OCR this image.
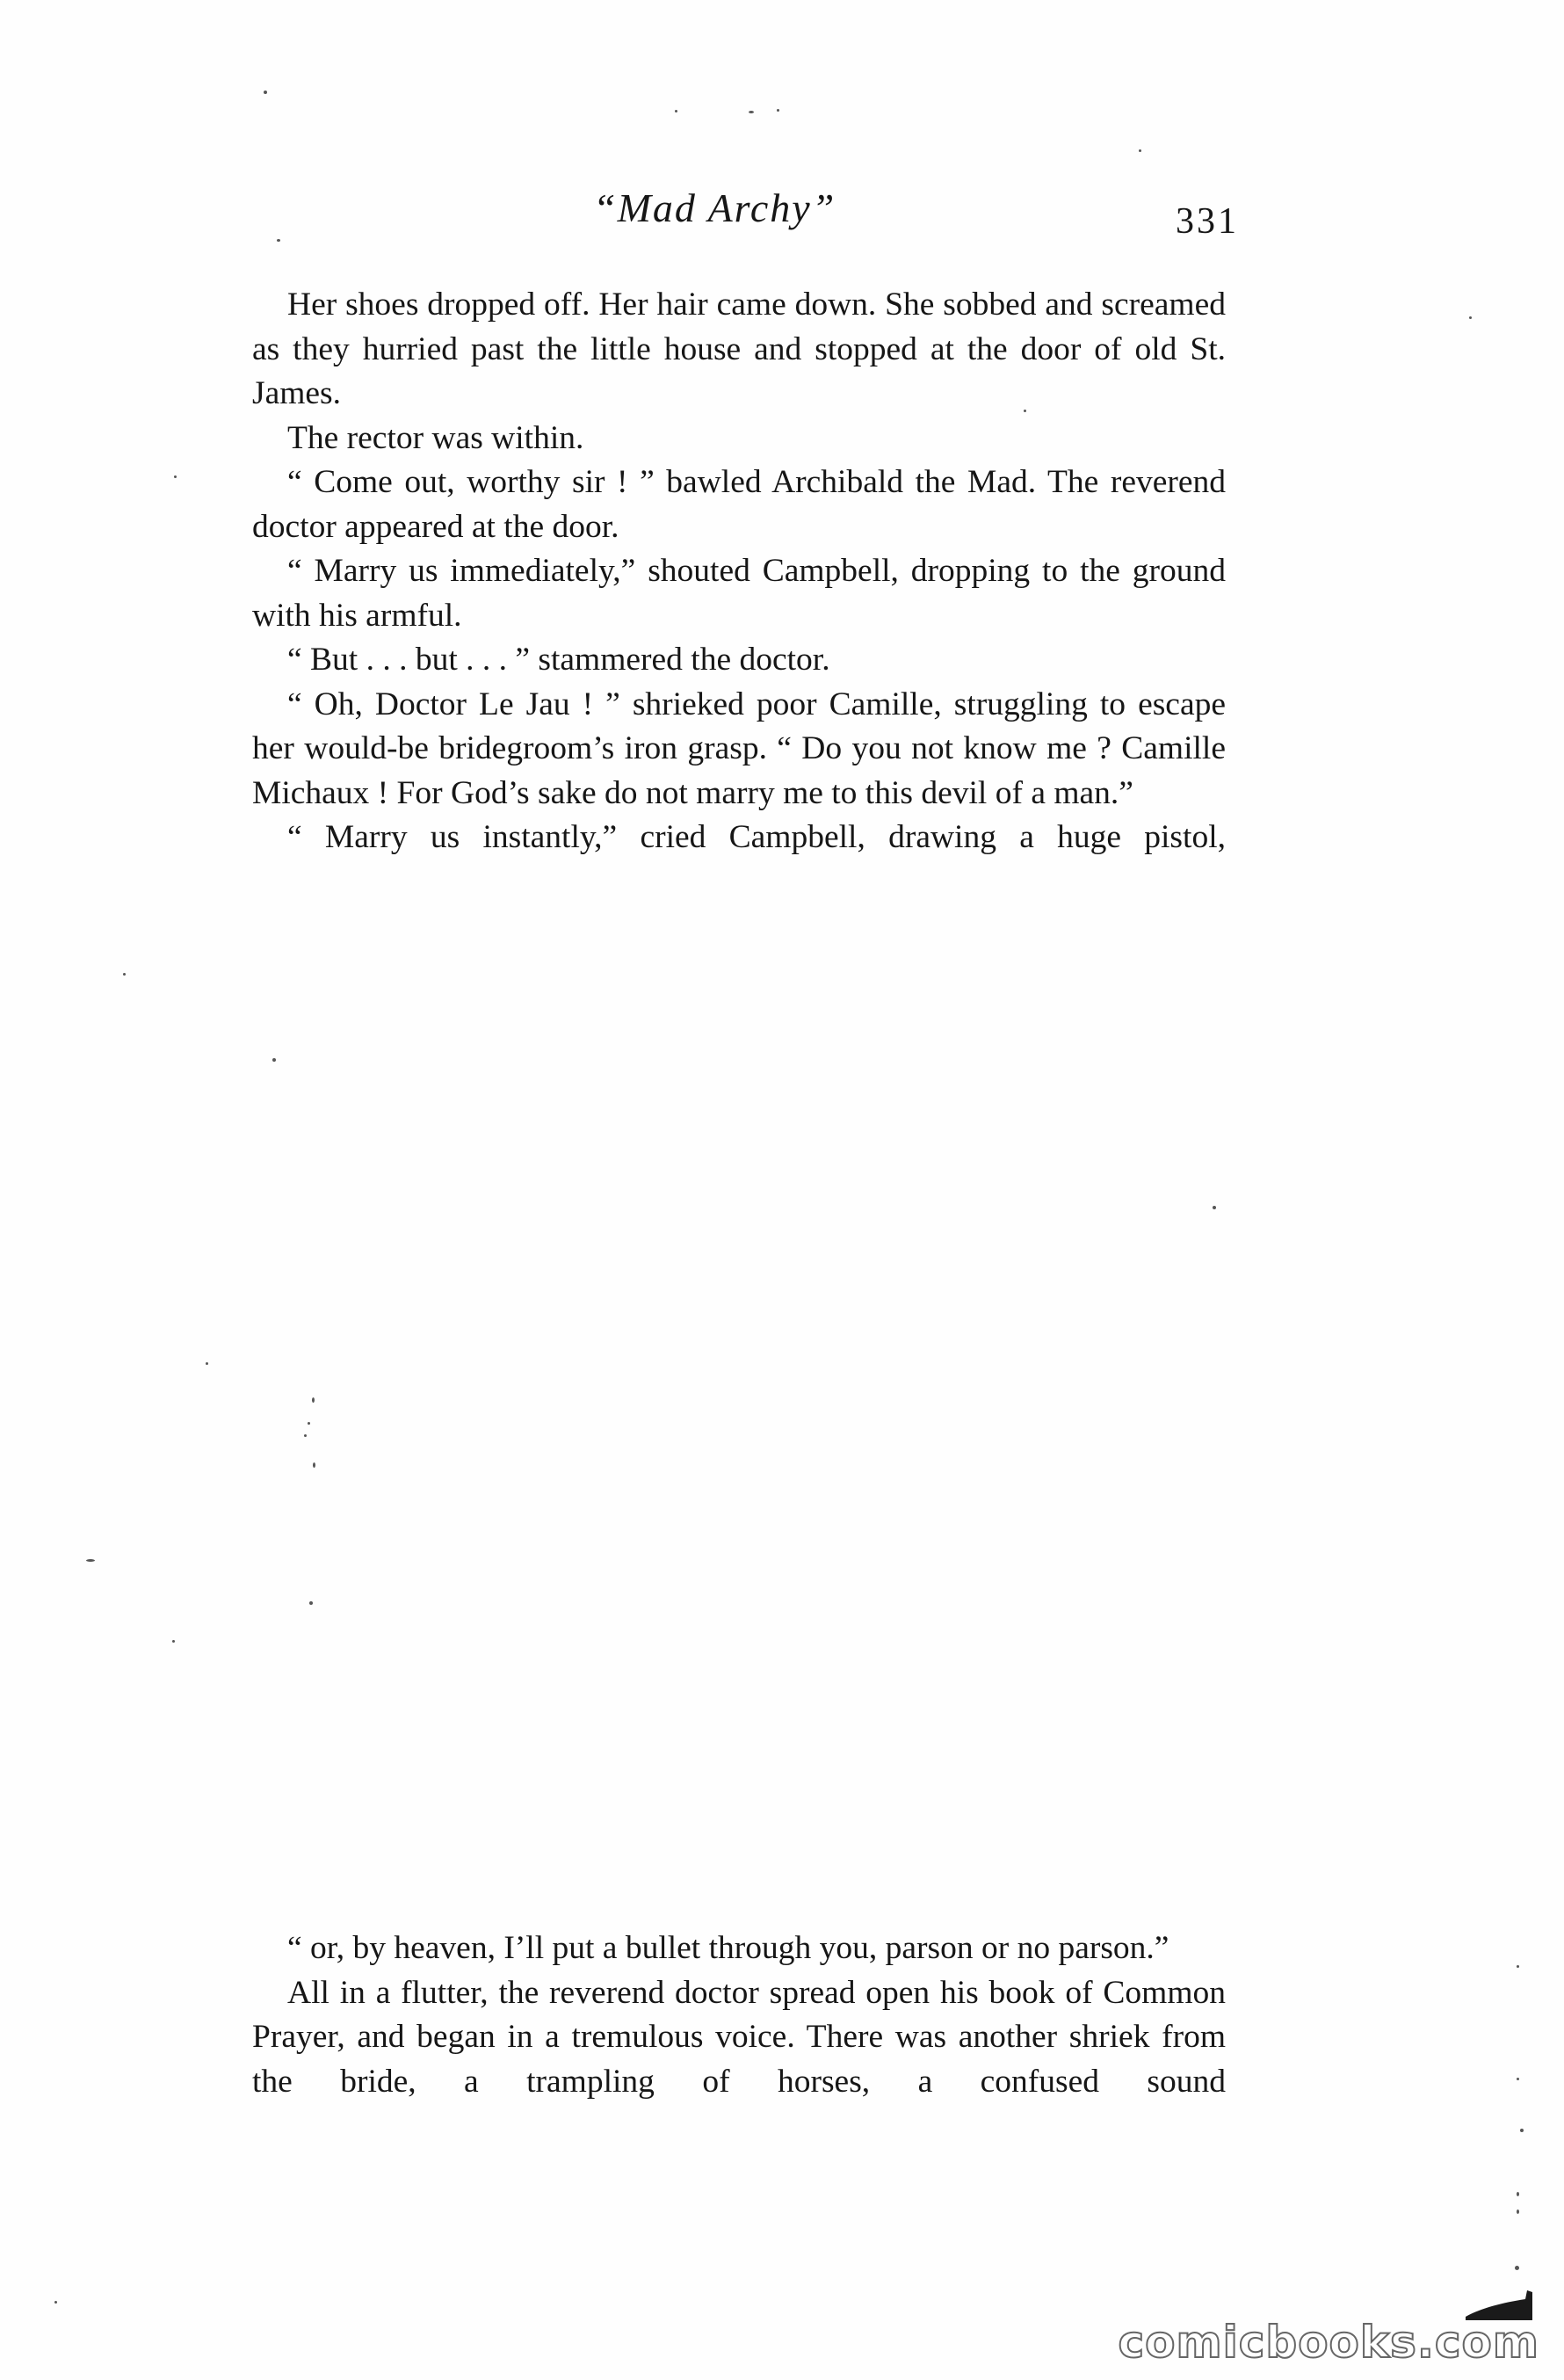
“Mad Archy”	331

Her shoes dropped off. Her hair came down. She sobbed and screamed as they hurried past the little house and stopped at the door of old St. James.

The rector was within.

“ Come out, worthy sir ! ” bawled Archibald the Mad. The reverend doctor appeared at the door.

“ Marry us immediately,” shouted Campbell, dropping to the ground with his armful.

“ But . . . but . . . ” stammered the doctor.

“ Oh, Doctor Le Jau ! ” shrieked poor Camille, struggling to escape her would-be bridegroom’s iron grasp. “ Do you not know me ? Camille Michaux ! For God’s sake do not marry me to this devil of a man.”

“ Marry us instantly,” cried Campbell, drawing a huge pistol,

“ or, by heaven, I’ll put a bullet through you, parson or no parson.”

All in a flutter, the reverend doctor spread open his book of Common Prayer, and began in a tremulous voice. There was another shriek from the bride, a trampling of horses, a confused sound

comicbooks.com
